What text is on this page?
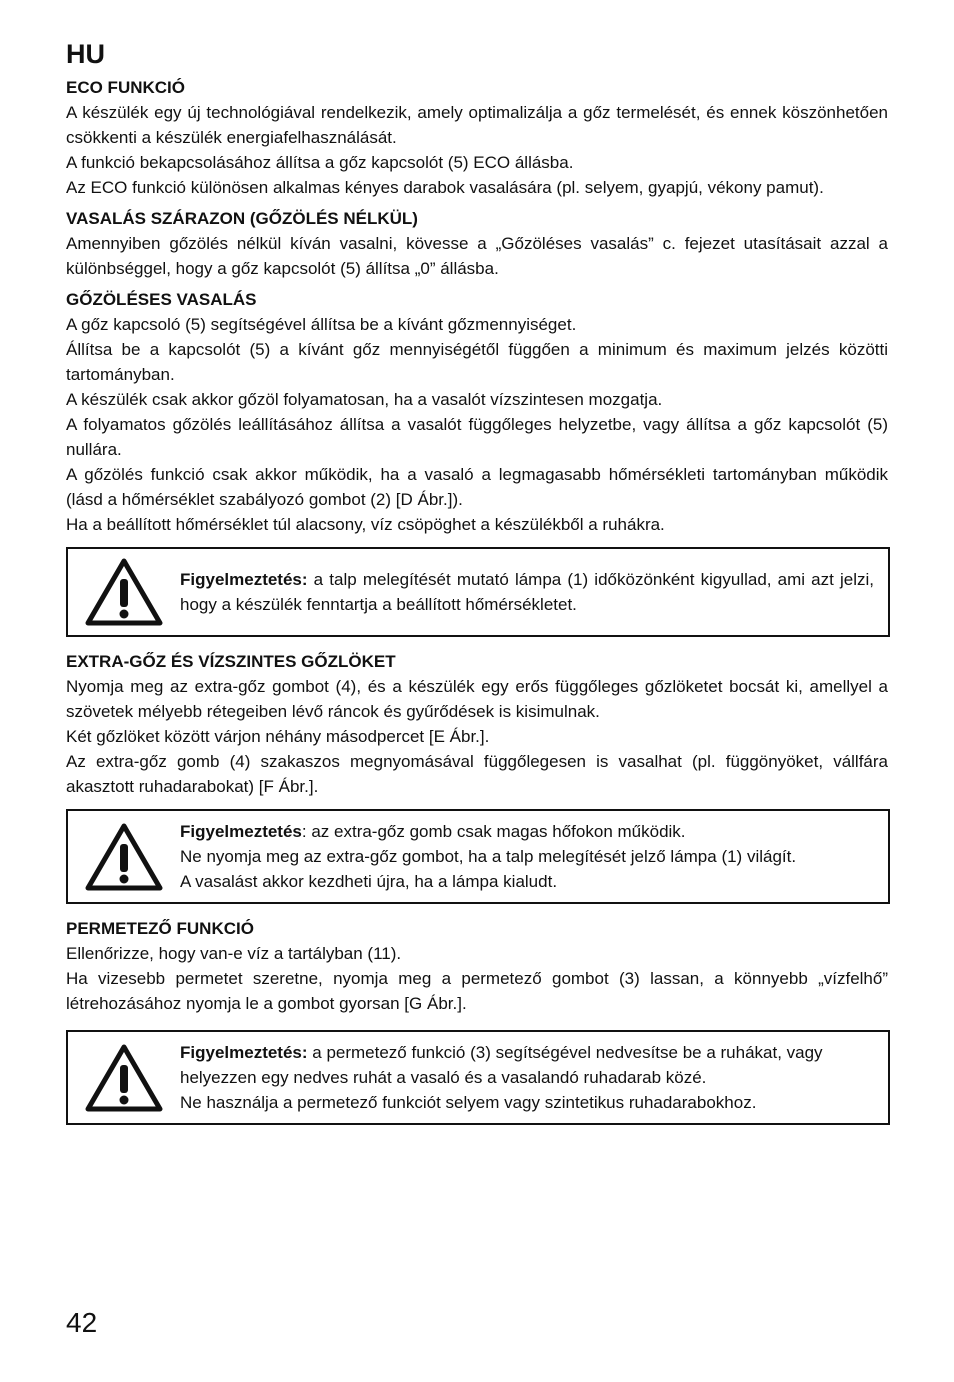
HU
ECO FUNKCIÓ

A készülék egy új technológiával rendelkezik, amely optimalizálja a gőz termelését, és ennek köszönhetően csökkenti a készülék energiafelhasználását.

A funkció bekapcsolásához állítsa a gőz kapcsolót (5) ECO állásba.

Az ECO funkció különösen alkalmas kényes darabok vasalására (pl. selyem, gyapjú, vékony pamut).

VASALÁS SZÁRAZON (GŐZÖLÉS NÉLKÜL)

Amennyiben gőzölés nélkül kíván vasalni, kövesse a „Gőzöléses vasalás” c. fejezet utasításait azzal a különbséggel, hogy a gőz kapcsolót (5) állítsa „0” állásba.

GŐZÖLÉSES VASALÁS

A gőz kapcsoló (5) segítségével állítsa be a kívánt gőzmennyiséget.

Állítsa be a kapcsolót (5) a kívánt gőz mennyiségétől függően a minimum és maximum jelzés közötti tartományban.

A készülék csak akkor gőzöl folyamatosan, ha a vasalót vízszintesen mozgatja.

A folyamatos gőzölés leállításához állítsa a vasalót függőleges helyzetbe, vagy állítsa a gőz kapcsolót (5) nullára.

A gőzölés funkció csak akkor működik, ha a vasaló a legmagasabb hőmérsékleti tartományban működik (lásd a hőmérséklet szabályozó gombot (2) [D Ábr.]).

Ha a beállított hőmérséklet túl alacsony, víz csöpöghet a készülékből a ruhákra.

Figyelmeztetés: a talp melegítését mutató lámpa (1) időközönként kigyullad, ami azt jelzi, hogy a készülék fenntartja a beállított hőmérsékletet.

EXTRA-GŐZ ÉS VÍZSZINTES GŐZLÖKET

Nyomja meg az extra-gőz gombot (4), és a készülék egy erős függőleges gőzlöketet bocsát ki, amellyel a szövetek mélyebb rétegeiben lévő ráncok és gyűrődések is kisimulnak.

Két gőzlöket között várjon néhány másodpercet [E Ábr.].

Az extra-gőz gomb (4) szakaszos megnyomásával függőlegesen is vasalhat (pl. függönyöket, vállfára akasztott ruhadarabokat) [F Ábr.].

Figyelmeztetés: az extra-gőz gomb csak magas hőfokon működik.

Ne nyomja meg az extra-gőz gombot, ha a talp melegítését jelző lámpa (1) világít.

A vasalást akkor kezdheti újra, ha a lámpa kialudt.

PERMETEZŐ FUNKCIÓ

Ellenőrizze, hogy van-e víz a tartályban (11).

Ha vizesebb permetet szeretne, nyomja meg a permetező gombot (3) lassan, a könnyebb „vízfelhő” létrehozásához nyomja le a gombot gyorsan [G Ábr.].

Figyelmeztetés: a permetező funkció (3) segítségével nedvesítse be a ruhákat, vagy helyezzen egy nedves ruhát a vasaló és a vasalandó ruhadarab közé.

Ne használja a permetező funkciót selyem vagy szintetikus ruhadarabokhoz.

42
